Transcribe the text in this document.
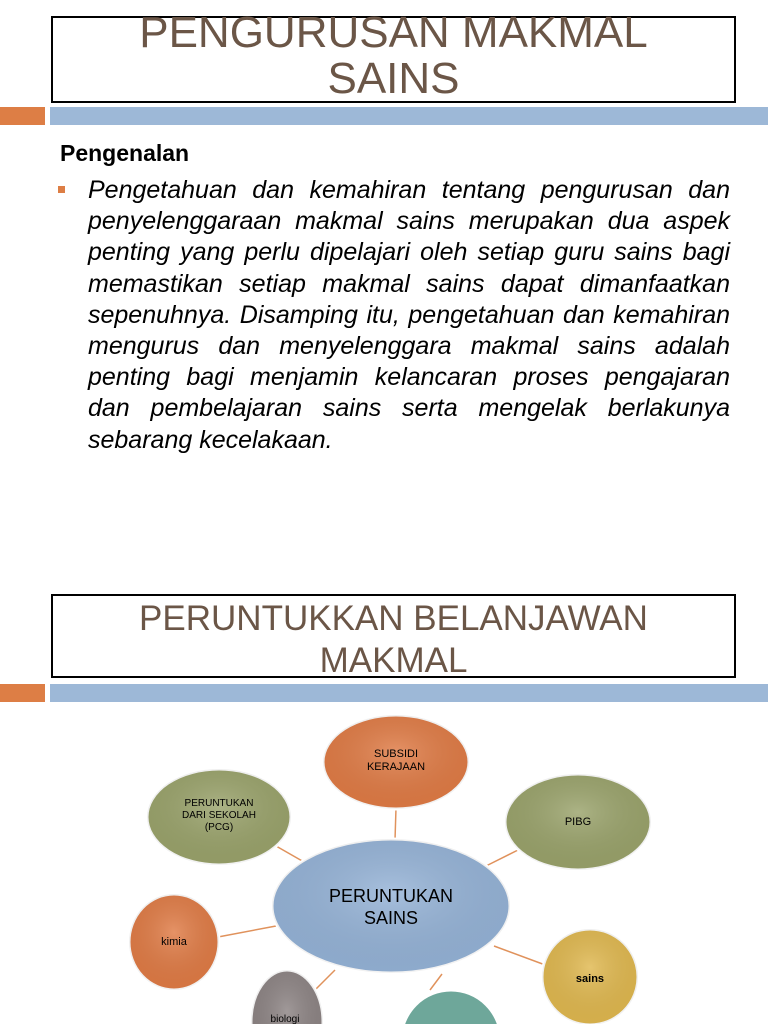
PENGURUSAN MAKMAL
SAINS
Pengenalan

Pengetahuan dan kemahiran tentang pengurusan dan penyelenggaraan makmal sains merupakan dua aspek penting yang perlu dipelajari oleh setiap guru sains bagi memastikan setiap makmal sains dapat dimanfaatkan sepenuhnya. Disamping itu, pengetahuan dan kemahiran mengurus dan menyelenggara makmal sains adalah penting bagi menjamin kelancaran proses pengajaran dan pembelajaran sains serta mengelak berlakunya sebarang kecelakaan.

PERUNTUKKAN BELANJAWAN
MAKMAL
SUBSIDI
KERAJAAN
PERUNTUKAN
DARI SEKOLAH
(PCG)	PIBG
PERUNTUKAN
SAINS
kimia
sains
biologi
